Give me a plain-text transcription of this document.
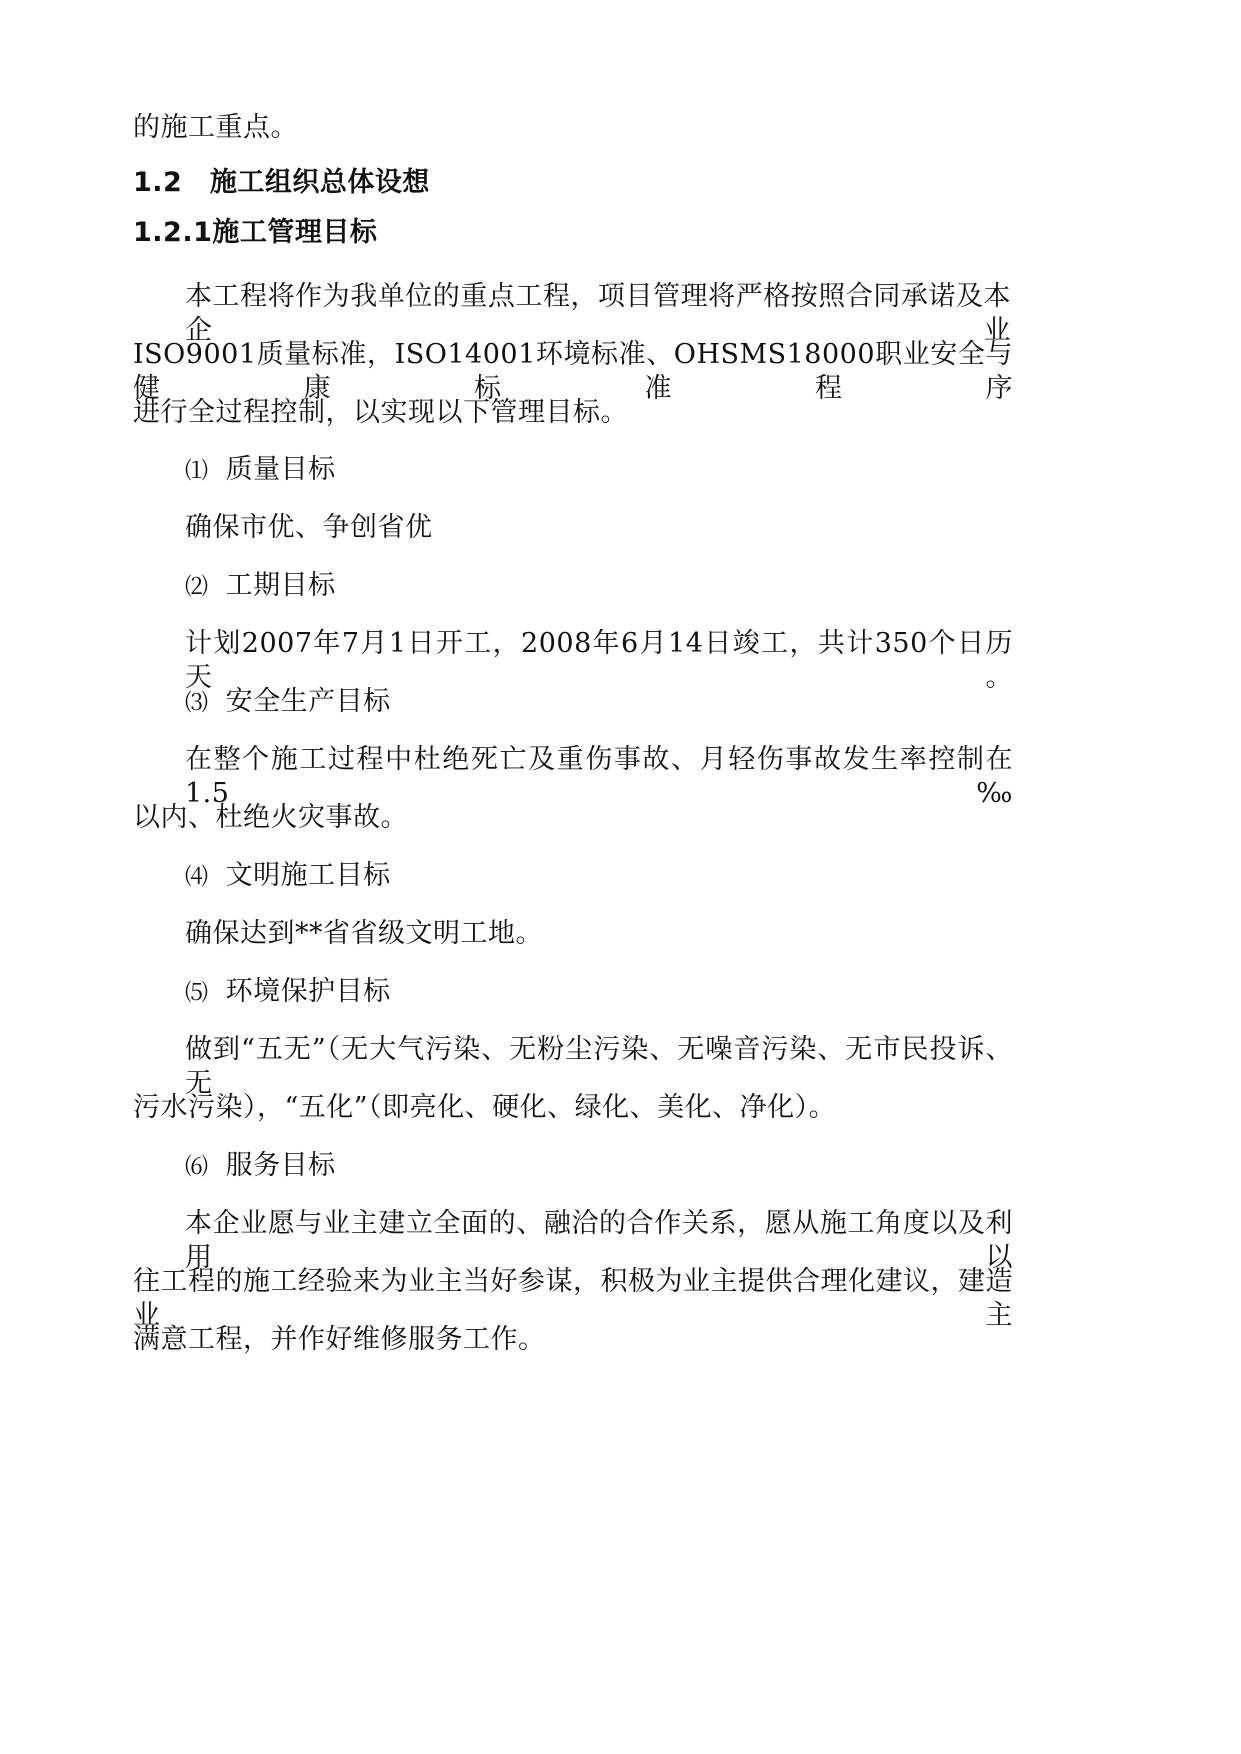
的施工重点。
1.2　施工组织总体设想
1.2.1施工管理目标
本工程将作为我单位的重点工程，项目管理将严格按照合同承诺及本企业
ISO9001质量标准，ISO14001环境标准、OHSMS18000职业安全与健康标准程序
进行全过程控制，以实现以下管理目标。
⑴ 质量目标
确保市优、争创省优
⑵ 工期目标
计划2007年7月1日开工，2008年6月14日竣工，共计350个日历天。
⑶ 安全生产目标
在整个施工过程中杜绝死亡及重伤事故、月轻伤事故发生率控制在1.5‰
以内、杜绝火灾事故。
⑷ 文明施工目标
确保达到**省省级文明工地。
⑸ 环境保护目标
做到“五无”（无大气污染、无粉尘污染、无噪音污染、无市民投诉、无
污水污染），“五化”（即亮化、硬化、绿化、美化、净化）。
⑹ 服务目标
本企业愿与业主建立全面的、融洽的合作关系，愿从施工角度以及利用以
往工程的施工经验来为业主当好参谋，积极为业主提供合理化建议，建造业主
满意工程，并作好维修服务工作。
